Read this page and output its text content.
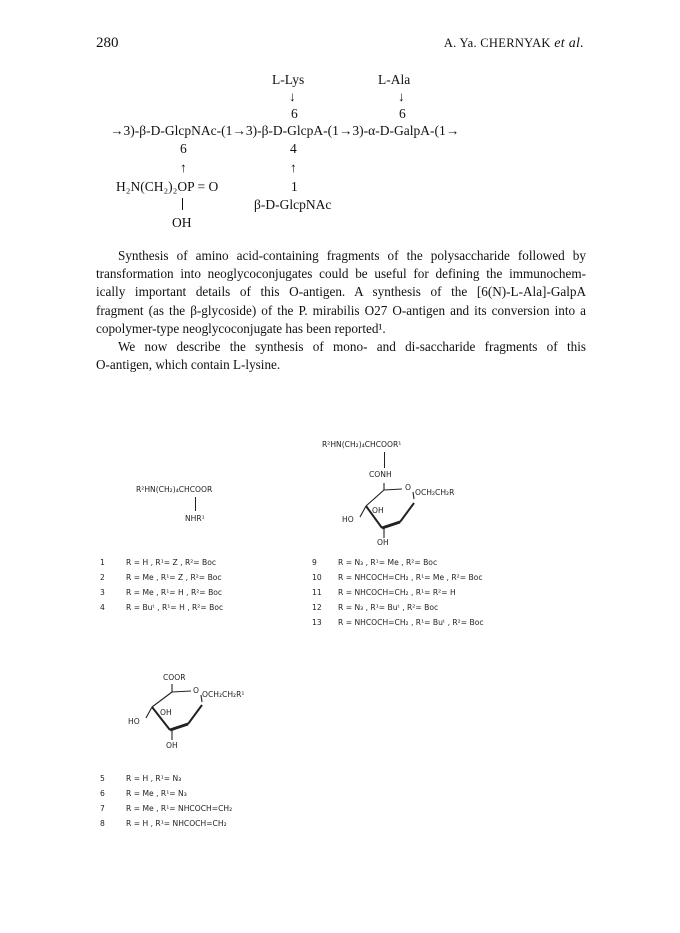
280	A. Ya. CHERNYAK et al.
L-Lys	L-Ala
↓	↓
6	6
→3)-β-D-GlcpNAc-(1→3)-β-D-GlcpA-(1→3)-α-D-GalpA-(1→
6	4
↑	↑
H₂N(CH₂)₂OP = O	1
β-D-GlcpNAc
OH
Synthesis of amino acid-containing fragments of the polysaccharide followed by
transformation into neoglycoconjugates could be useful for defining the immunochem-
ically important details of this O-antigen. A synthesis of the [6(N)-L-Ala]-GalpA
fragment (as the β-glycoside) of the P. mirabilis O27 O-antigen and its conversion into a
copolymer-type neoglycoconjugate has been reported¹.
We now describe the synthesis of mono- and di-saccharide fragments of this
O-antigen, which contain L-lysine.
R²HN(CH₂)₄CHCOOR
NHR¹
1	R = H , R¹= Z , R²= Boc
2	R = Me , R¹= Z , R²= Boc
3	R = Me , R¹= H , R²= Boc
4	R = Buᵗ , R¹= H , R²= Boc
R²HN(CH₂)₄CHCOOR¹
CONH
O
OCH₂CH₂R
OH
HO
OH
9	R = N₃ , R¹= Me , R²= Boc
10 R = NHCOCH=CH₂ , R¹= Me , R²= Boc
11 R = NHCOCH=CH₂ , R¹= R²= H
12 R = N₃ , R¹= Buᵗ , R²= Boc
13 R = NHCOCH=CH₂ , R¹= Buᵗ , R²= Boc
COOR
O OCH₂CH₂R¹
OH
HO
OH
5	R = H , R¹= N₃
6	R = Me , R¹= N₃
7	R = Me , R¹= NHCOCH=CH₂
8	R = H , R¹= NHCOCH=CH₂
